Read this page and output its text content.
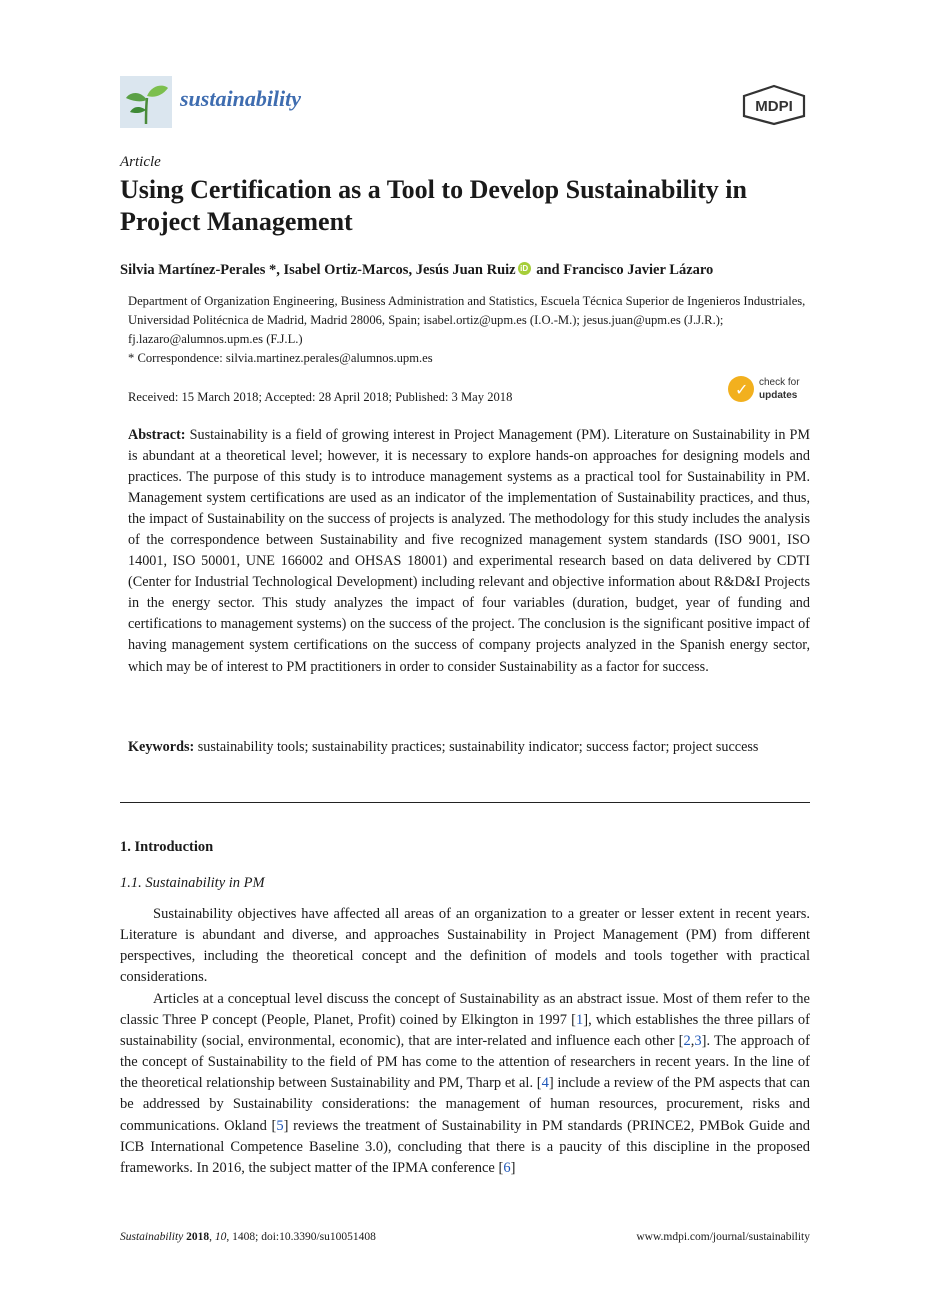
sustainability	MDPI
Article
Using Certification as a Tool to Develop Sustainability in Project Management
Silvia Martínez-Perales *, Isabel Ortiz-Marcos, Jesús Juan Ruiz iD and Francisco Javier Lázaro
Department of Organization Engineering, Business Administration and Statistics, Escuela Técnica Superior de Ingenieros Industriales, Universidad Politécnica de Madrid, Madrid 28006, Spain; isabel.ortiz@upm.es (I.O.-M.); jesus.juan@upm.es (J.J.R.); fj.lazaro@alumnos.upm.es (F.J.L.)
* Correspondence: silvia.martinez.perales@alumnos.upm.es
Received: 15 March 2018; Accepted: 28 April 2018; Published: 3 May 2018	✓ check for
updates

Abstract: Sustainability is a field of growing interest in Project Management (PM). Literature on Sustainability in PM is abundant at a theoretical level; however, it is necessary to explore hands-on approaches for designing models and practices. The purpose of this study is to introduce management systems as a practical tool for Sustainability in PM. Management system certifications are used as an indicator of the implementation of Sustainability practices, and thus, the impact of Sustainability on the success of projects is analyzed. The methodology for this study includes the analysis of the correspondence between Sustainability and five recognized management system standards (ISO 9001, ISO 14001, ISO 50001, UNE 166002 and OHSAS 18001) and experimental research based on data delivered by CDTI (Center for Industrial Technological Development) including relevant and objective information about R&D&I Projects in the energy sector. This study analyzes the impact of four variables (duration, budget, year of funding and certifications to management systems) on the success of the project. The conclusion is the significant positive impact of having management system certifications on the success of company projects analyzed in the Spanish energy sector, which may be of interest to PM practitioners in order to consider Sustainability as a factor for success.

Keywords: sustainability tools; sustainability practices; sustainability indicator; success factor; project success

1. Introduction
1.1. Sustainability in PM

Sustainability objectives have affected all areas of an organization to a greater or lesser extent in recent years. Literature is abundant and diverse, and approaches Sustainability in Project Management (PM) from different perspectives, including the theoretical concept and the definition of models and tools together with practical considerations.

Articles at a conceptual level discuss the concept of Sustainability as an abstract issue. Most of them refer to the classic Three P concept (People, Planet, Profit) coined by Elkington in 1997 [1], which establishes the three pillars of sustainability (social, environmental, economic), that are inter-related and influence each other [2,3]. The approach of the concept of Sustainability to the field of PM has come to the attention of researchers in recent years. In the line of the theoretical relationship between Sustainability and PM, Tharp et al. [4] include a review of the PM aspects that can be addressed by Sustainability considerations: the management of human resources, procurement, risks and communications. Okland [5] reviews the treatment of Sustainability in PM standards (PRINCE2, PMBok Guide and ICB International Competence Baseline 3.0), concluding that there is a paucity of this discipline in the proposed frameworks. In 2016, the subject matter of the IPMA conference [6]

Sustainability 2018, 10, 1408; doi:10.3390/su10051408	www.mdpi.com/journal/sustainability
